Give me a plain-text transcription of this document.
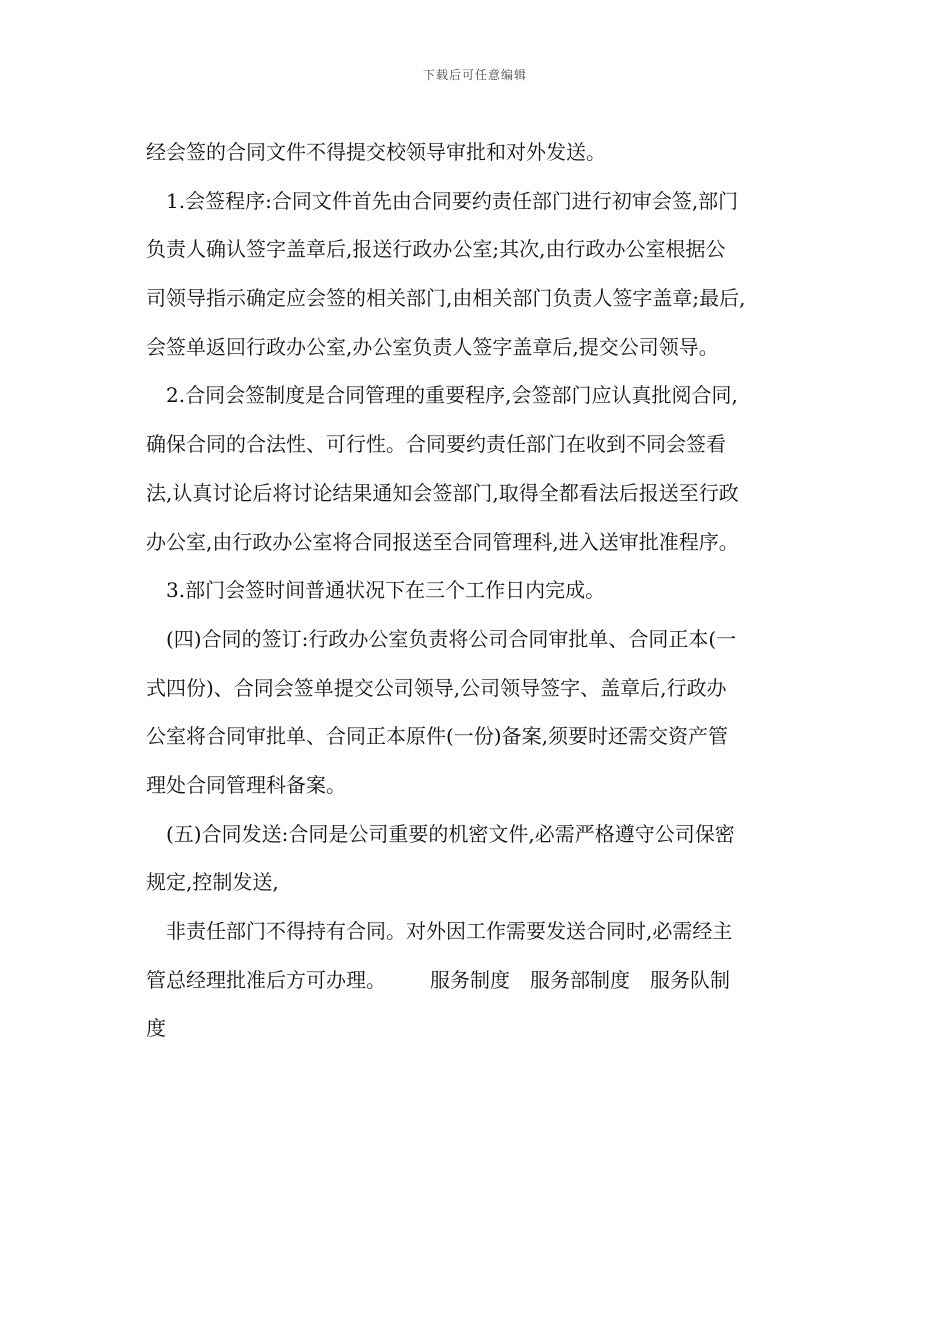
下载后可任意编辑
经会签的合同文件不得提交校领导审批和对外发送。
1.会签程序:合同文件首先由合同要约责任部门进行初审会签,部门
负责人确认签字盖章后,报送行政办公室;其次,由行政办公室根据公
司领导指示确定应会签的相关部门,由相关部门负责人签字盖章;最后,
会签单返回行政办公室,办公室负责人签字盖章后,提交公司领导。
2.合同会签制度是合同管理的重要程序,会签部门应认真批阅合同,
确保合同的合法性、可行性。合同要约责任部门在收到不同会签看
法,认真讨论后将讨论结果通知会签部门,取得全都看法后报送至行政
办公室,由行政办公室将合同报送至合同管理科,进入送审批准程序。
3.部门会签时间普通状况下在三个工作日内完成。
(四)合同的签订:行政办公室负责将公司合同审批单、合同正本(一
式四份)、合同会签单提交公司领导,公司领导签字、盖章后,行政办
公室将合同审批单、合同正本原件(一份)备案,须要时还需交资产管
理处合同管理科备案。
(五)合同发送:合同是公司重要的机密文件,必需严格遵守公司保密
规定,控制发送,
非责任部门不得持有合同。对外因工作需要发送合同时,必需经主
管总经理批准后方可办理。 服务制度 服务部制度 服务队制
度
